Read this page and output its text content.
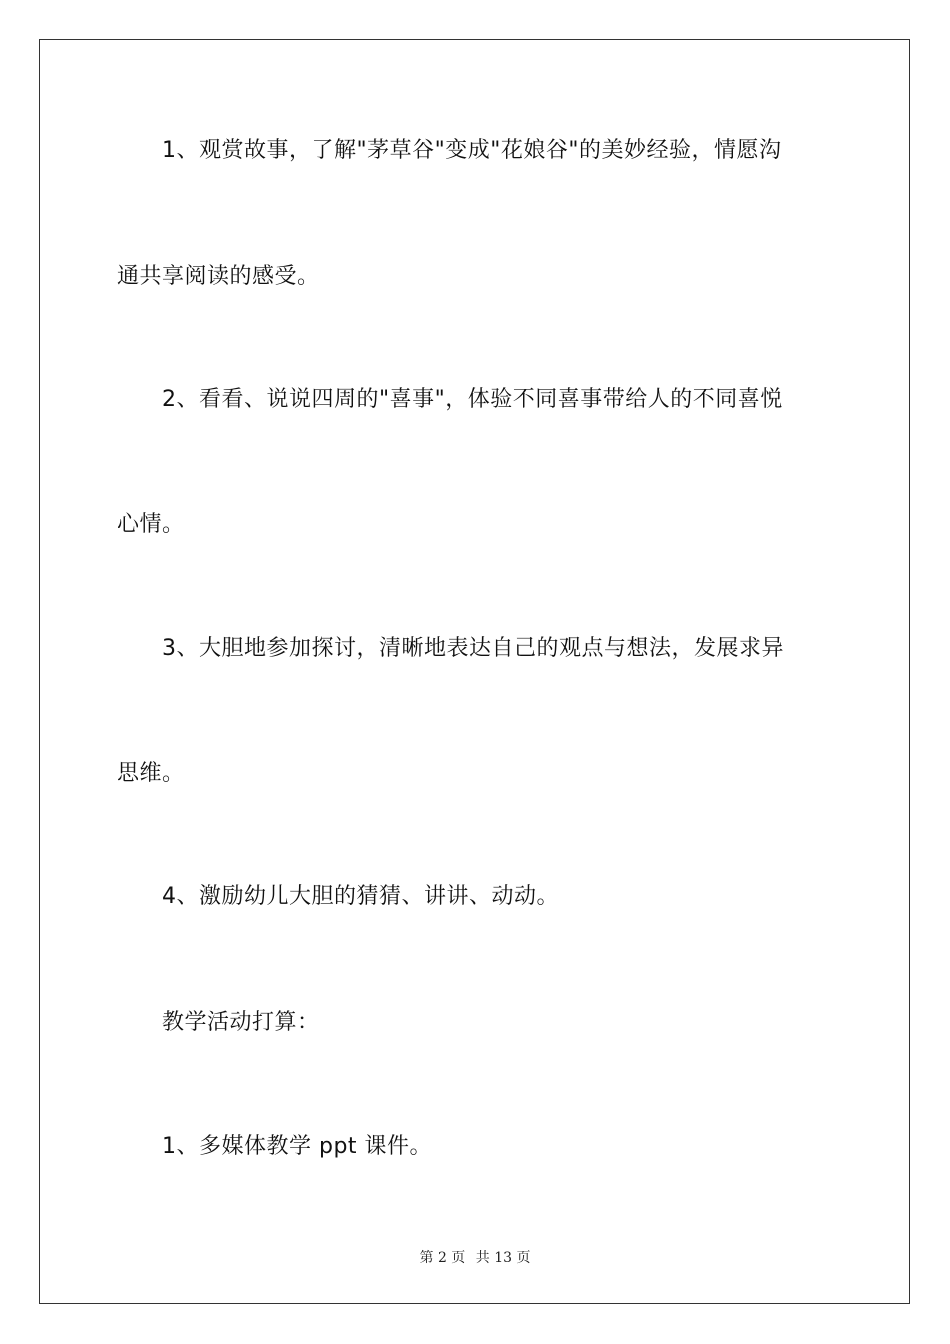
1、观赏故事，了解"茅草谷"变成"花娘谷"的美妙经验，情愿沟
通共享阅读的感受。
2、看看、说说四周的"喜事"，体验不同喜事带给人的不同喜悦
心情。
3、大胆地参加探讨，清晰地表达自己的观点与想法，发展求异
思维。
4、激励幼儿大胆的猜猜、讲讲、动动。
教学活动打算：
1、多媒体教学 ppt 课件。
第 2 页 共 13 页
